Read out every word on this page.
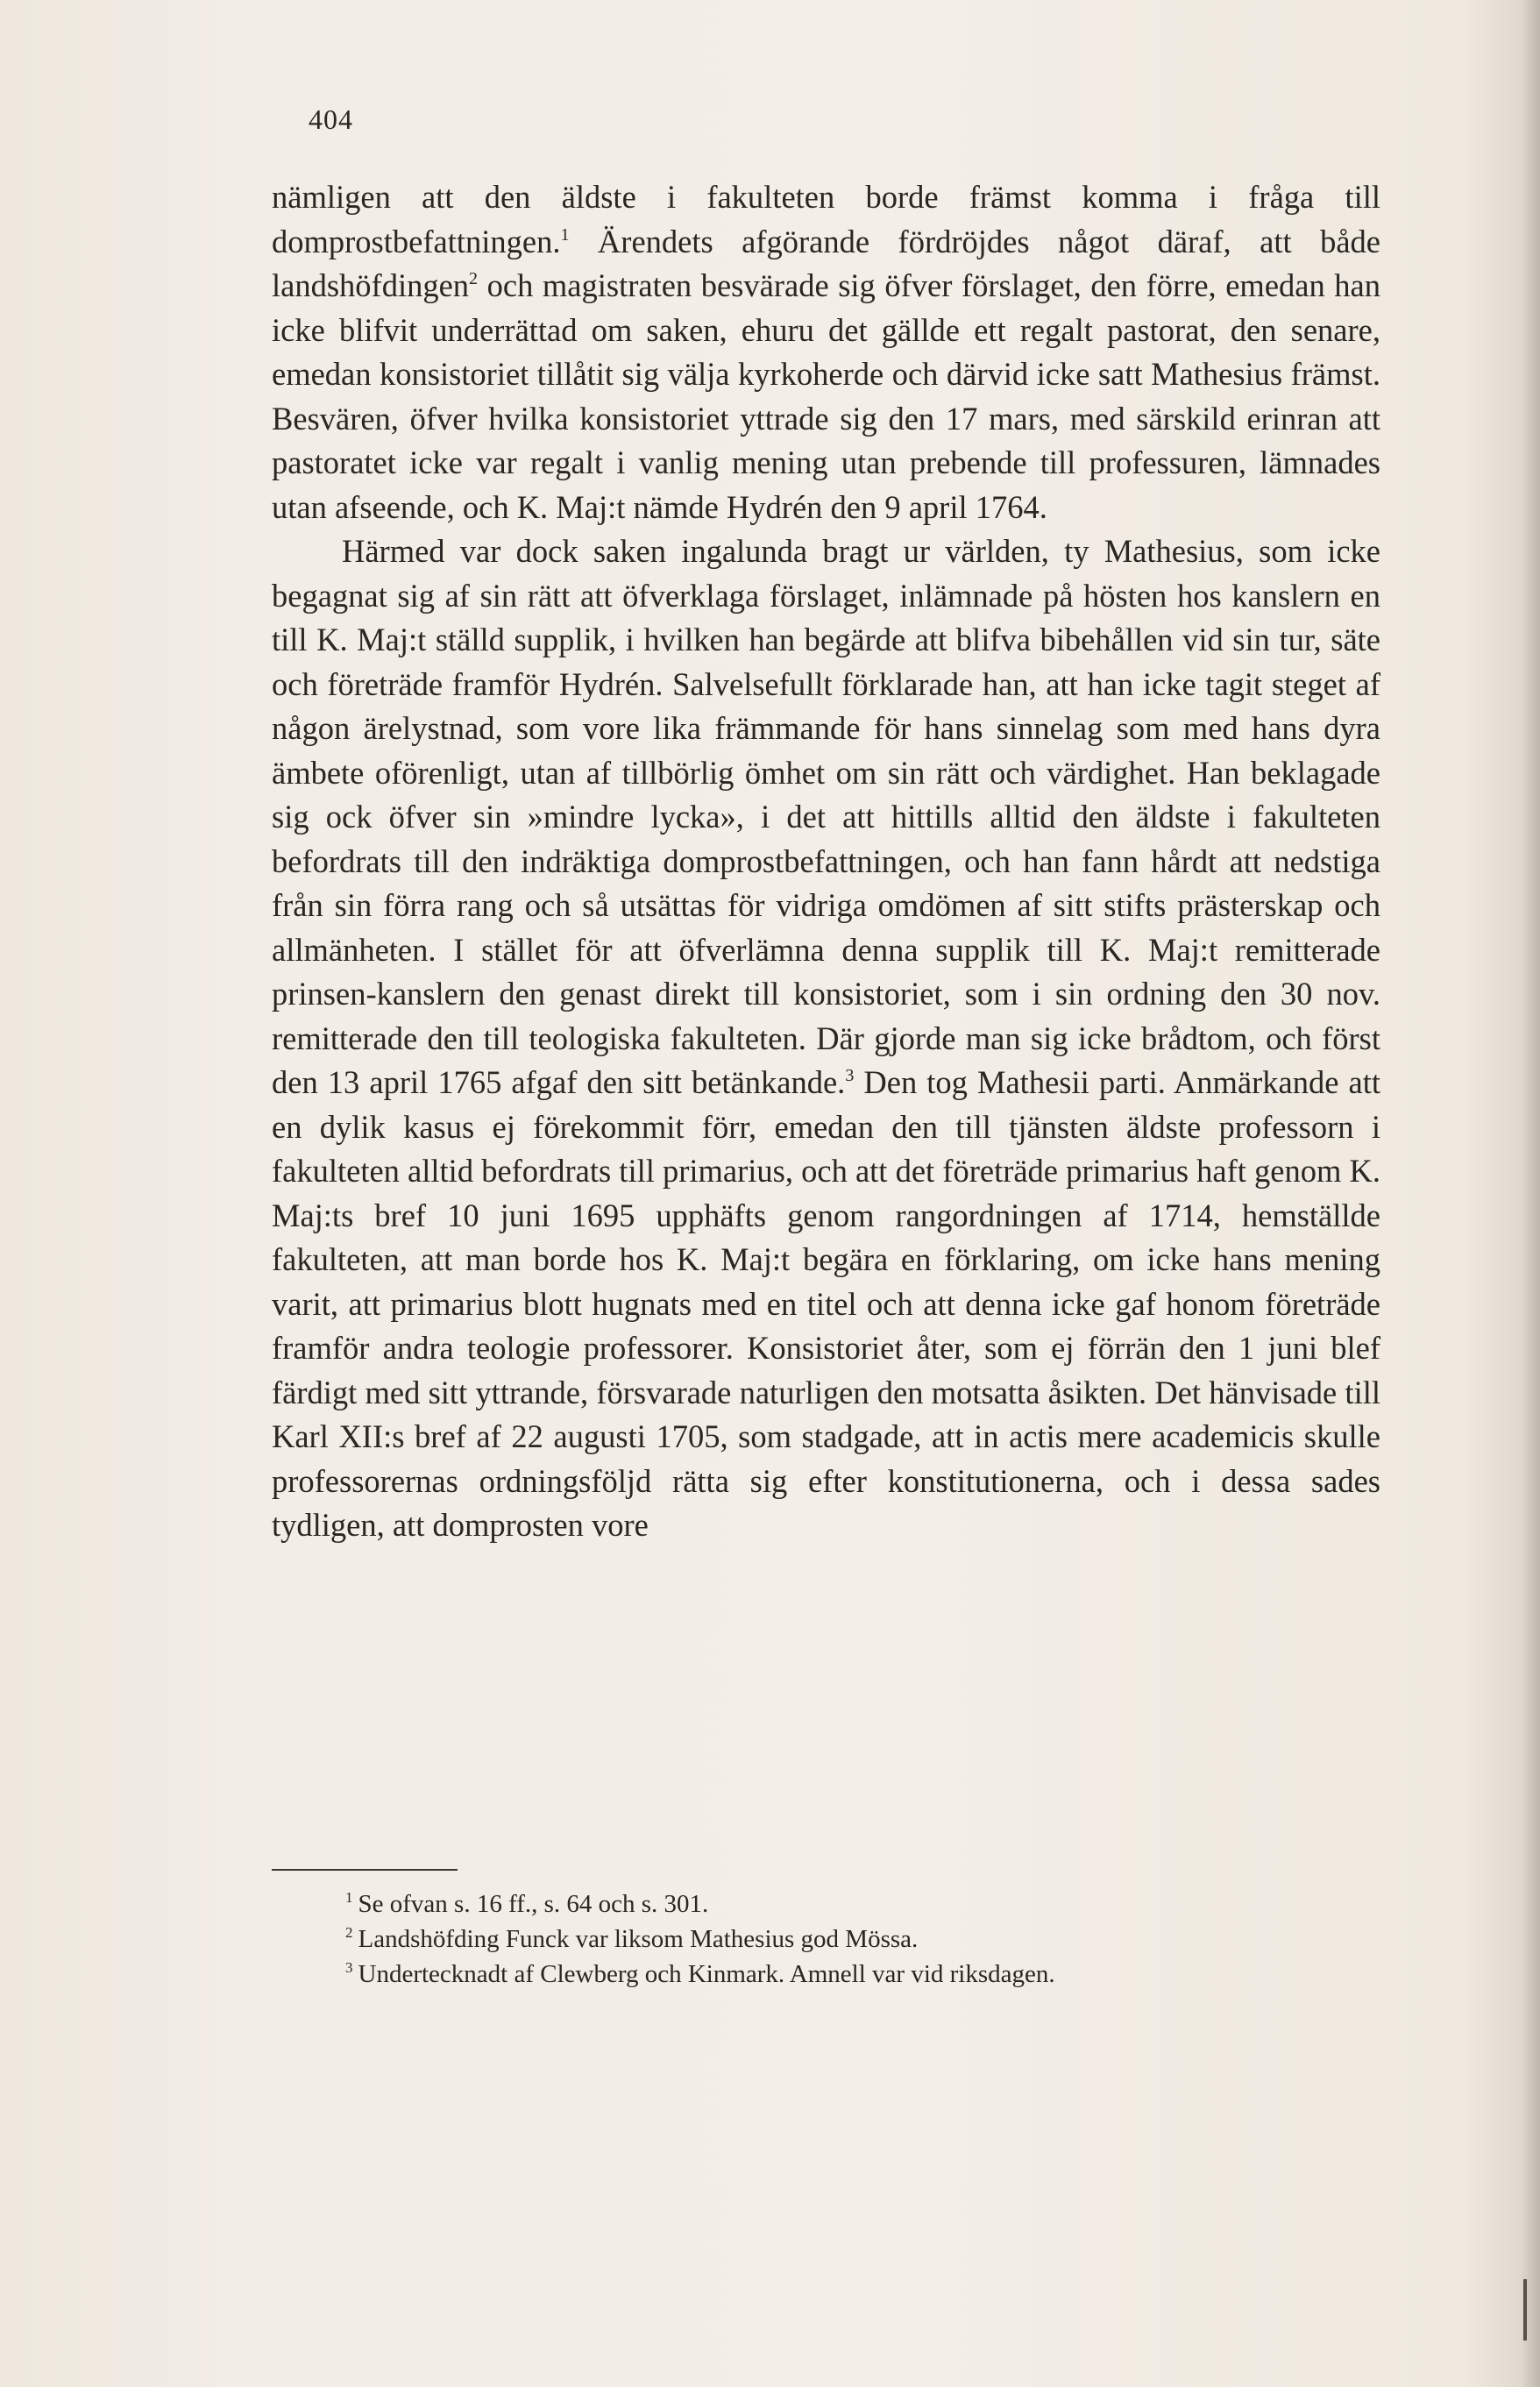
404

nämligen att den äldste i fakulteten borde främst komma i fråga till domprostbefattningen.$^1$ Ärendets afgörande fördröjdes något däraf, att både landshöfdingen$^2$ och magistraten besvärade sig öfver förslaget, den förre, emedan han icke blifvit underrättad om saken, ehuru det gällde ett regalt pastorat, den senare, emedan konsistoriet tillåtit sig välja kyrkoherde och därvid icke satt Mathesius främst. Besvären, öfver hvilka konsistoriet yttrade sig den 17 mars, med särskild erinran att pastoratet icke var regalt i vanlig mening utan prebende till professuren, lämnades utan afseende, och K. Maj:t nämde Hydrén den 9 april 1764.

Härmed var dock saken ingalunda bragt ur världen, ty Mathesius, som icke begagnat sig af sin rätt att öfverklaga förslaget, inlämnade på hösten hos kanslern en till K. Maj:t ställd supplik, i hvilken han begärde att blifva bibehållen vid sin tur, säte och företräde framför Hydrén. Salvelsefullt förklarade han, att han icke tagit steget af någon ärelystnad, som vore lika främmande för hans sinnelag som med hans dyra ämbete oförenligt, utan af tillbörlig ömhet om sin rätt och värdighet. Han beklagade sig ock öfver sin »mindre lycka», i det att hittills alltid den äldste i fakulteten befordrats till den indräktiga domprostbefattningen, och han fann hårdt att nedstiga från sin förra rang och så utsättas för vidriga omdömen af sitt stifts prästerskap och allmänheten. I stället för att öfverlämna denna supplik till K. Maj:t remitterade prinsen-kanslern den genast direkt till konsistoriet, som i sin ordning den 30 nov. remitterade den till teologiska fakulteten. Där gjorde man sig icke brådtom, och först den 13 april 1765 afgaf den sitt betänkande.$^3$ Den tog Mathesii parti. Anmärkande att en dylik kasus ej förekommit förr, emedan den till tjänsten äldste professorn i fakulteten alltid befordrats till primarius, och att det företräde primarius haft genom K. Maj:ts bref 10 juni 1695 upphäfts genom rangordningen af 1714, hemställde fakulteten, att man borde hos K. Maj:t begära en förklaring, om icke hans mening varit, att primarius blott hugnats med en titel och att denna icke gaf honom företräde framför andra teologie professorer. Konsistoriet åter, som ej förrän den 1 juni blef färdigt med sitt yttrande, försvarade naturligen den motsatta åsikten. Det hänvisade till Karl XII:s bref af 22 augusti 1705, som stadgade, att in actis mere academicis skulle professorernas ordningsföljd rätta sig efter konstitutionerna, och i dessa sades tydligen, att domprosten vore

$^1$ Se ofvan s. 16 ff., s. 64 och s. 301.

$^2$ Landshöfding Funck var liksom Mathesius god Mössa.

$^3$ Undertecknadt af Clewberg och Kinmark. Amnell var vid riksdagen.
